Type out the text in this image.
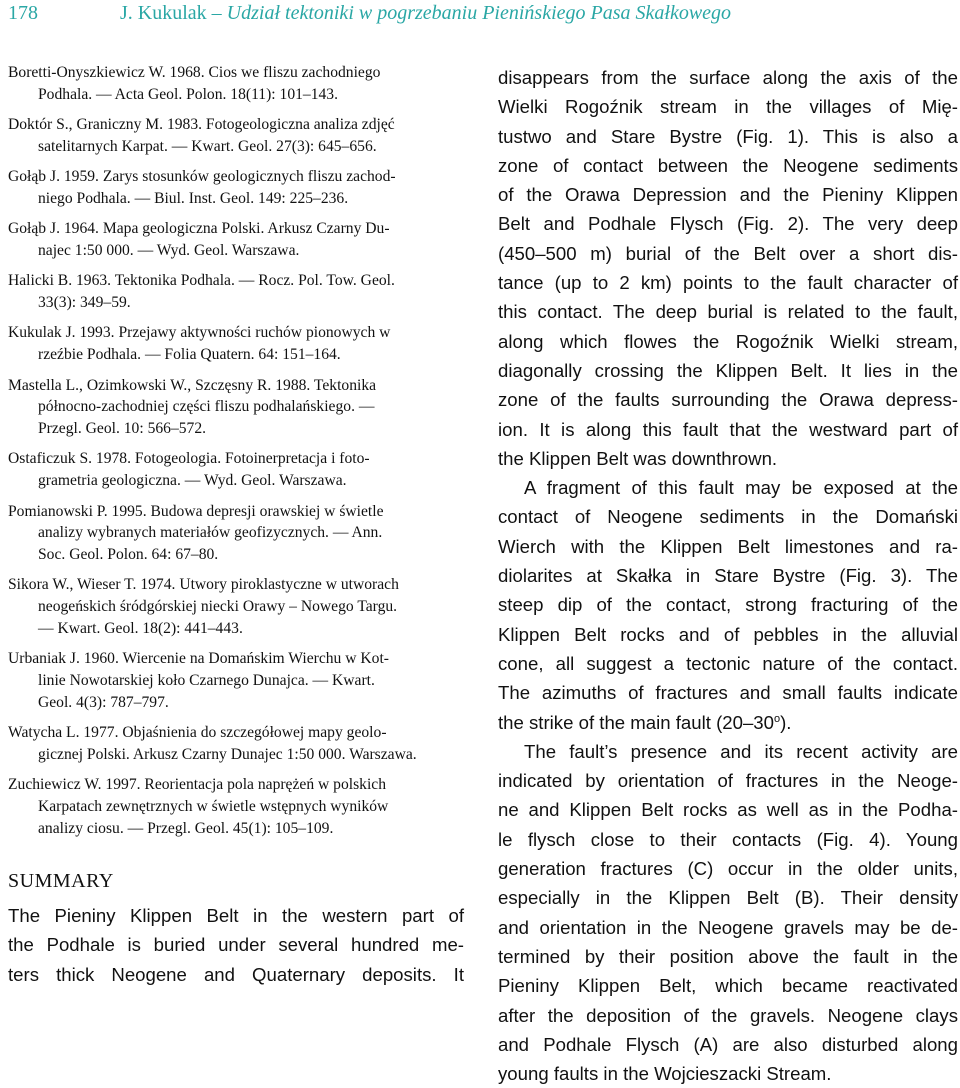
178	J. Kukulak – Udział tektoniki w pogrzebaniu Pienińskiego Pasa Skałkowego
Boretti-Onyszkiewicz W. 1968. Cios we fliszu zachodniego
Podhala. — Acta Geol. Polon. 18(11): 101–143.
Doktór S., Graniczny M. 1983. Fotogeologiczna analiza zdjęć
satelitarnych Karpat. — Kwart. Geol. 27(3): 645–656.
Gołąb J. 1959. Zarys stosunków geologicznych fliszu zachod-
niego Podhala. — Biul. Inst. Geol. 149: 225–236.
Gołąb J. 1964. Mapa geologiczna Polski. Arkusz Czarny Du-
najec 1:50 000. — Wyd. Geol. Warszawa.
Halicki B. 1963. Tektonika Podhala. — Rocz. Pol. Tow. Geol.
33(3): 349–59.
Kukulak J. 1993. Przejawy aktywności ruchów pionowych w
rzeźbie Podhala. — Folia Quatern. 64: 151–164.
Mastella L., Ozimkowski W., Szczęsny R. 1988. Tektonika
północno-zachodniej części fliszu podhalańskiego. —
Przegl. Geol. 10: 566–572.
Ostaficzuk S. 1978. Fotogeologia. Fotoinerpretacja i foto-
grametria geologiczna. — Wyd. Geol. Warszawa.
Pomianowski P. 1995. Budowa depresji orawskiej w świetle
analizy wybranych materiałów geofizycznych. — Ann.
Soc. Geol. Polon. 64: 67–80.
Sikora W., Wieser T. 1974. Utwory piroklastyczne w utworach
neogeńskich śródgórskiej niecki Orawy – Nowego Targu.
— Kwart. Geol. 18(2): 441–443.
Urbaniak J. 1960. Wiercenie na Domańskim Wierchu w Kot-
linie Nowotarskiej koło Czarnego Dunajca. — Kwart.
Geol. 4(3): 787–797.
Watycha L. 1977. Objaśnienia do szczegółowej mapy geolo-
gicznej Polski. Arkusz Czarny Dunajec 1:50 000. Warszawa.
Zuchiewicz W. 1997. Reorientacja pola naprężeń w polskich
Karpatach zewnętrznych w świetle wstępnych wyników
analizy ciosu. — Przegl. Geol. 45(1): 105–109.
SUMMARY
The Pieniny Klippen Belt in the western part of
the Podhale is buried under several hundred me-
ters thick Neogene and Quaternary deposits. It
disappears from the surface along the axis of the
Wielki Rogoźnik stream in the villages of Mię-
tustwo and Stare Bystre (Fig. 1). This is also a
zone of contact between the Neogene sediments
of the Orawa Depression and the Pieniny Klippen
Belt and Podhale Flysch (Fig. 2). The very deep
(450–500 m) burial of the Belt over a short dis-
tance (up to 2 km) points to the fault character of
this contact. The deep burial is related to the fault,
along which flowes the Rogoźnik Wielki stream,
diagonally crossing the Klippen Belt. It lies in the
zone of the faults surrounding the Orawa depress-
ion. It is along this fault that the westward part of
the Klippen Belt was downthrown.
A fragment of this fault may be exposed at the
contact of Neogene sediments in the Domański
Wierch with the Klippen Belt limestones and ra-
diolarites at Skałka in Stare Bystre (Fig. 3). The
steep dip of the contact, strong fracturing of the
Klippen Belt rocks and of pebbles in the alluvial
cone, all suggest a tectonic nature of the contact.
The azimuths of fractures and small faults indicate
the strike of the main fault (20–30$^o$).
The fault’s presence and its recent activity are
indicated by orientation of fractures in the Neoge-
ne and Klippen Belt rocks as well as in the Podha-
le flysch close to their contacts (Fig. 4). Young
generation fractures (C) occur in the older units,
especially in the Klippen Belt (B). Their density
and orientation in the Neogene gravels may be de-
termined by their position above the fault in the
Pieniny Klippen Belt, which became reactivated
after the deposition of the gravels. Neogene clays
and Podhale Flysch (A) are also disturbed along
young faults in the Wojcieszacki Stream.
